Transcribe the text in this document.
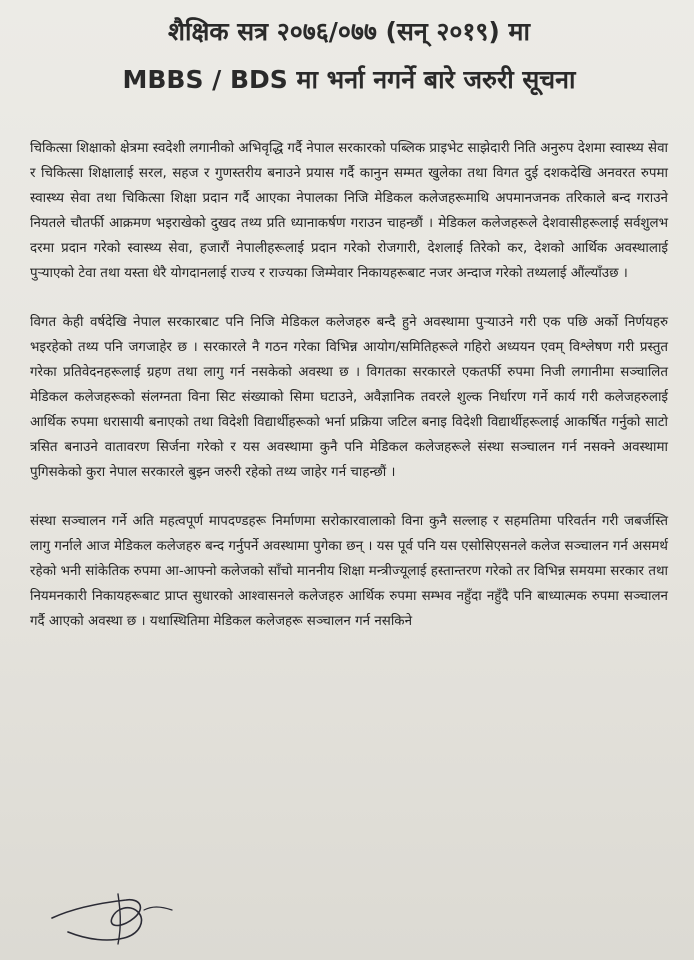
शैक्षिक सत्र २०७६/०७७ (सन् २०१९) मा
MBBS / BDS मा भर्ना नगर्ने बारे जरुरी सूचना

चिकित्सा शिक्षाको क्षेत्रमा स्वदेशी लगानीको अभिवृद्धि गर्दै नेपाल सरकारको पब्लिक प्राइभेट साझेदारी निति अनुरुप देशमा स्वास्थ्य सेवा र चिकित्सा शिक्षालाई सरल, सहज र गुणस्तरीय बनाउने प्रयास गर्दै कानुन सम्मत खुलेका तथा विगत दुई दशकदेखि अनवरत रुपमा स्वास्थ्य सेवा तथा चिकित्सा शिक्षा प्रदान गर्दै आएका नेपालका निजि मेडिकल कलेजहरूमाथि अपमानजनक तरिकाले बन्द गराउने नियतले चौतर्फी आक्रमण भइराखेको दुखद तथ्य प्रति ध्यानाकर्षण गराउन चाहन्छौं । मेडिकल कलेजहरूले देशवासीहरूलाई सर्वशुलभ दरमा प्रदान गरेको स्वास्थ्य सेवा, हजारौं नेपालीहरूलाई प्रदान गरेको रोजगारी, देशलाई तिरेको कर, देशको आर्थिक अवस्थालाई पुऱ्याएको टेवा तथा यस्ता धेरै योगदानलाई राज्य र राज्यका जिम्मेवार निकायहरूबाट नजर अन्दाज गरेको तथ्यलाई औंल्याँउछ ।

विगत केही वर्षदेखि नेपाल सरकारबाट पनि निजि मेडिकल कलेजहरु बन्दै हुने अवस्थामा पुऱ्याउने गरी एक पछि अर्को निर्णयहरु भइरहेको तथ्य पनि जगजाहेर छ । सरकारले नै गठन गरेका विभिन्न आयोग/समितिहरूले गहिरो अध्ययन एवम् विश्लेषण गरी प्रस्तुत गरेका प्रतिवेदनहरूलाई ग्रहण तथा लागु गर्न नसकेको अवस्था छ । विगतका सरकारले एकतर्फी रुपमा निजी लगानीमा सञ्चालित मेडिकल कलेजहरूको संलग्नता विना सिट संख्याको सिमा घटाउने, अवैज्ञानिक तवरले शुल्क निर्धारण गर्ने कार्य गरी कलेजहरुलाई आर्थिक रुपमा धरासायी बनाएको तथा विदेशी विद्यार्थीहरूको भर्ना प्रक्रिया जटिल बनाइ विदेशी विद्यार्थीहरूलाई आकर्षित गर्नुको साटो त्रसित बनाउने वातावरण सिर्जना गरेको र यस अवस्थामा कुनै पनि मेडिकल कलेजहरूले संस्था सञ्चालन गर्न नसक्ने अवस्थामा पुगिसकेको कुरा नेपाल सरकारले बुझ्न जरुरी रहेको तथ्य जाहेर गर्न चाहन्छौं ।

संस्था सञ्चालन गर्ने अति महत्वपूर्ण मापदण्डहरू निर्माणमा सरोकारवालाको विना कुनै सल्लाह र सहमतिमा परिवर्तन गरी जबर्जस्ति लागु गर्नाले आज मेडिकल कलेजहरु बन्द गर्नुपर्ने अवस्थामा पुगेका छन् । यस पूर्व पनि यस एसोसिएसनले कलेज सञ्चालन गर्न असमर्थ रहेको भनी सांकेतिक रुपमा आ-आफ्नो कलेजको साँचो माननीय शिक्षा मन्त्रीज्यूलाई हस्तान्तरण गरेको तर विभिन्न समयमा सरकार तथा नियमनकारी निकायहरूबाट प्राप्त सुधारको आश्वासनले कलेजहरु आर्थिक रुपमा सम्भव नहुँदा नहुँदै पनि बाध्यात्मक रुपमा सञ्चालन गर्दै आएको अवस्था छ । यथास्थितिमा मेडिकल कलेजहरू सञ्चालन गर्न नसकिने
